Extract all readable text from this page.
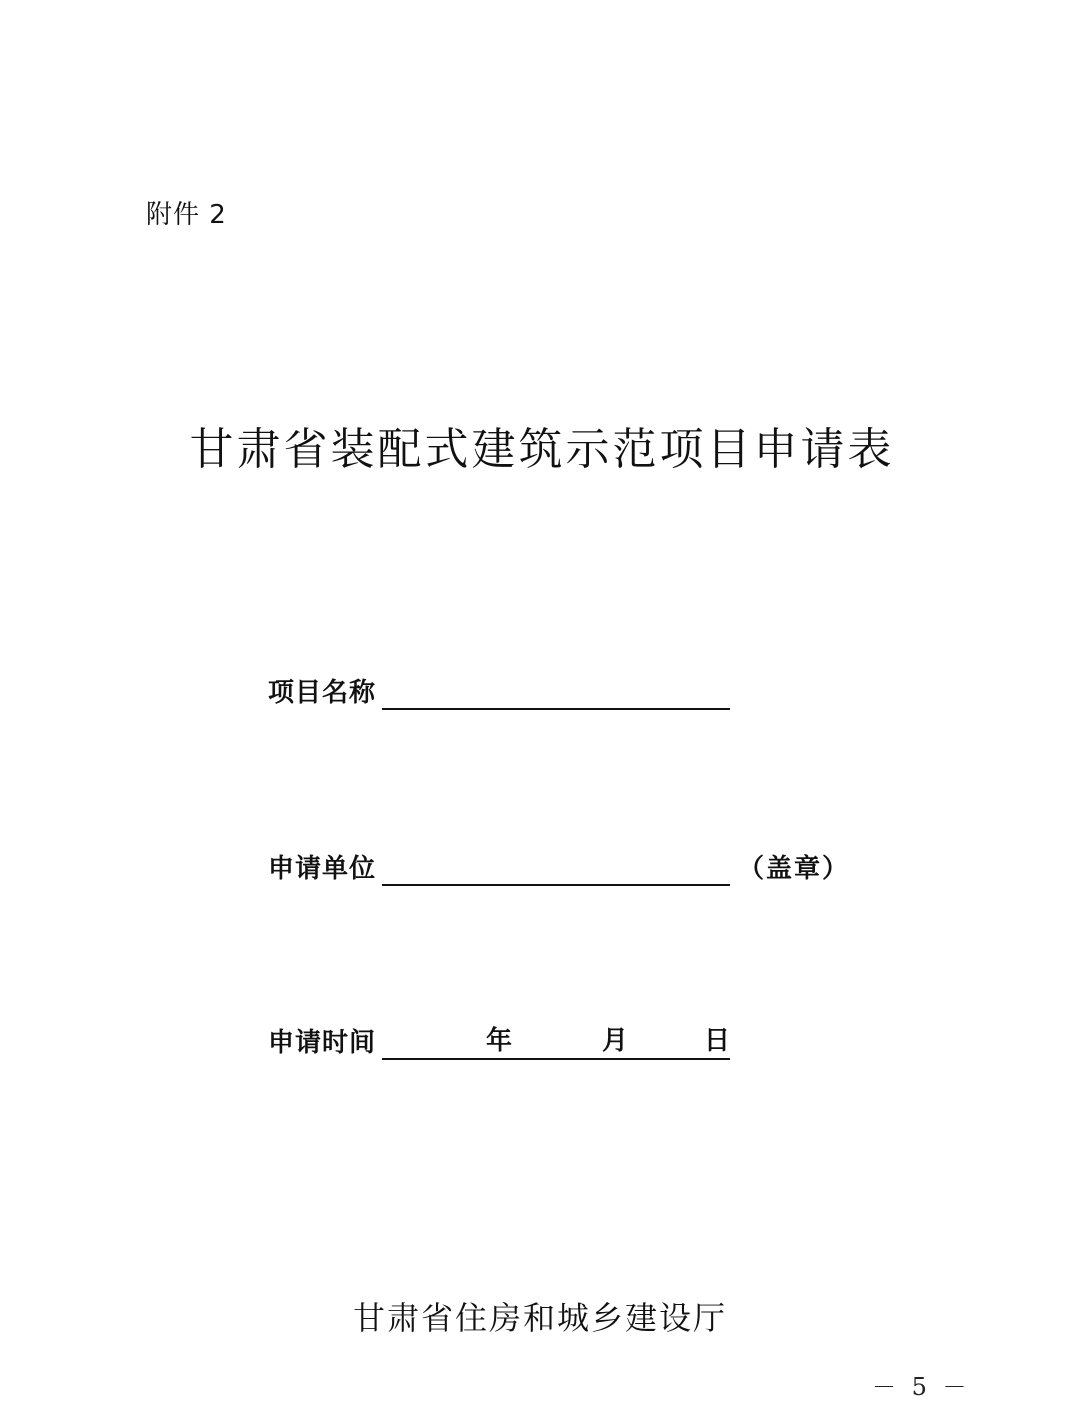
附件 2
甘肃省装配式建筑示范项目申请表
项目名称
申请单位	（盖章）
申请时间	年	月	日
甘肃省住房和城乡建设厅
－ 5 －
